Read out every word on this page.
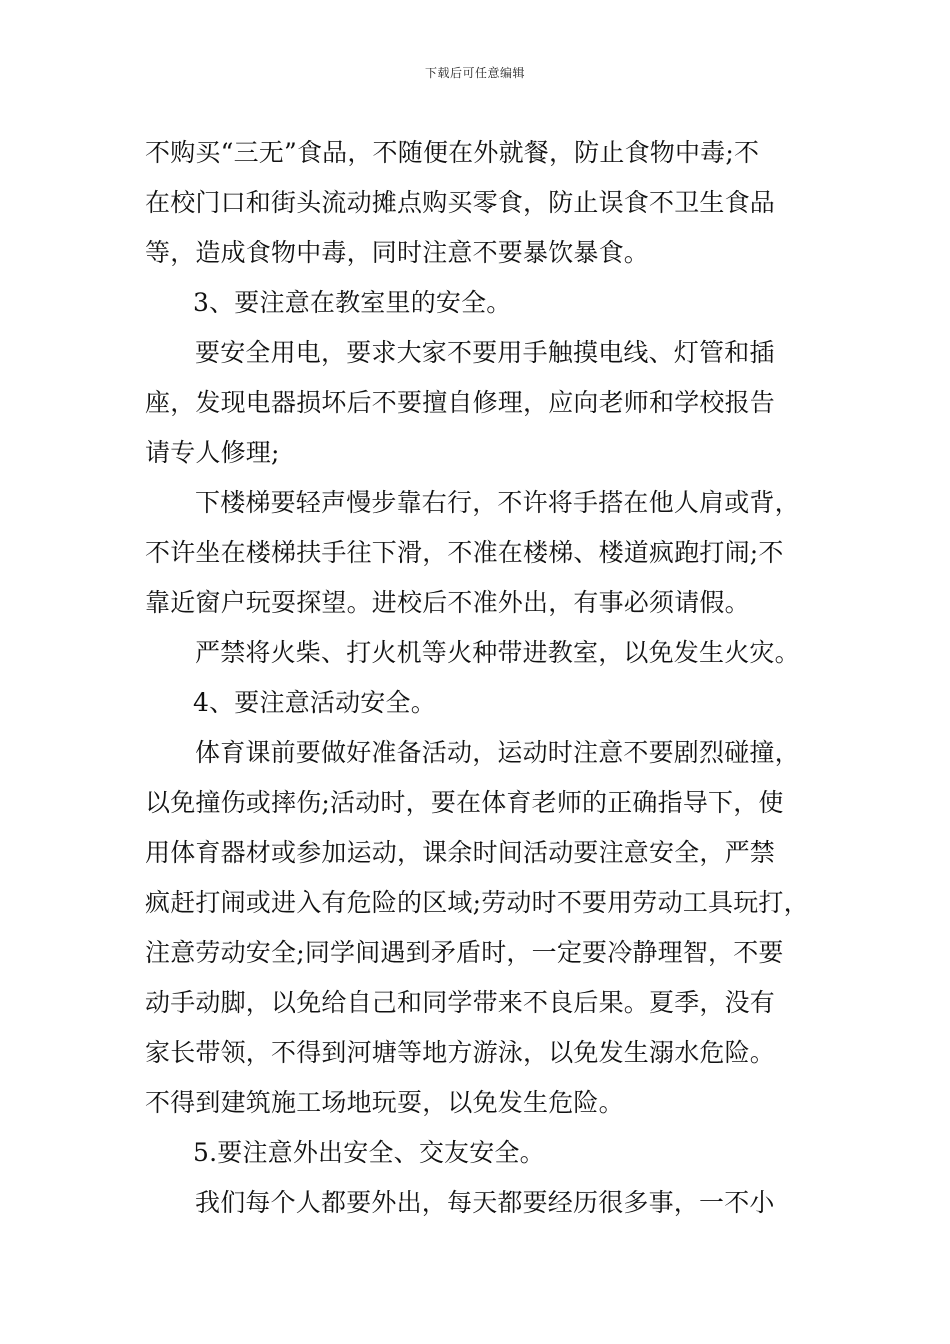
下载后可任意编辑
不购买“三无”食品，不随便在外就餐，防止食物中毒;不
在校门口和街头流动摊点购买零食，防止误食不卫生食品
等，造成食物中毒，同时注意不要暴饮暴食。
3、要注意在教室里的安全。
要安全用电，要求大家不要用手触摸电线、灯管和插
座，发现电器损坏后不要擅自修理，应向老师和学校报告
请专人修理;
下楼梯要轻声慢步靠右行，不许将手搭在他人肩或背，
不许坐在楼梯扶手往下滑，不准在楼梯、楼道疯跑打闹;不
靠近窗户玩耍探望。进校后不准外出，有事必须请假。
严禁将火柴、打火机等火种带进教室，以免发生火灾。
4、要注意活动安全。
体育课前要做好准备活动，运动时注意不要剧烈碰撞，
以免撞伤或摔伤;活动时，要在体育老师的正确指导下，使
用体育器材或参加运动，课余时间活动要注意安全，严禁
疯赶打闹或进入有危险的区域;劳动时不要用劳动工具玩打，
注意劳动安全;同学间遇到矛盾时，一定要冷静理智，不要
动手动脚，以免给自己和同学带来不良后果。夏季，没有
家长带领，不得到河塘等地方游泳，以免发生溺水危险。
不得到建筑施工场地玩耍，以免发生危险。
5.要注意外出安全、交友安全。
我们每个人都要外出，每天都要经历很多事，一不小
